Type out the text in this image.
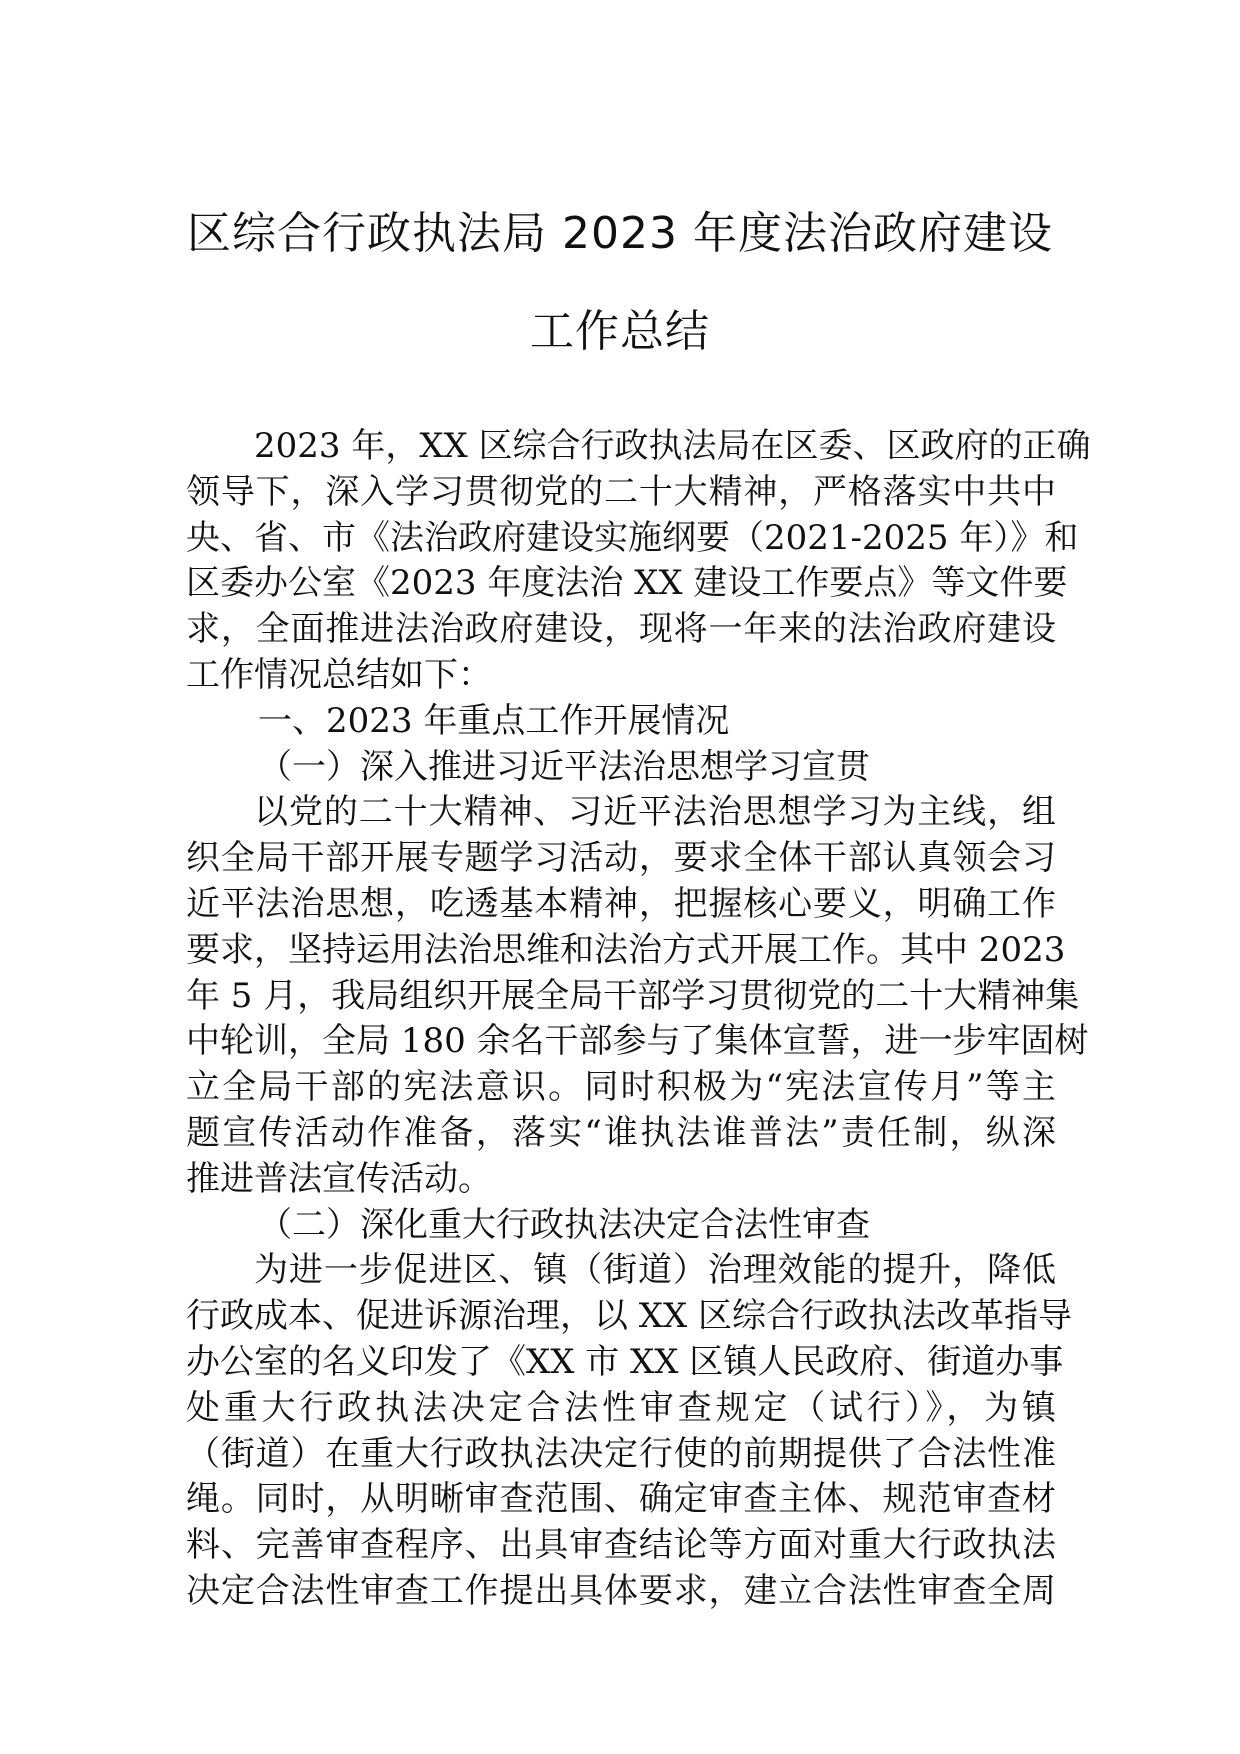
区综合行政执法局 2023 年度法治政府建设
工作总结
2023 年，XX 区综合行政执法局在区委、区政府的正确
领导下，深入学习贯彻党的二十大精神，严格落实中共中
央、省、市《法治政府建设实施纲要（2021-2025 年）》和
区委办公室《2023 年度法治 XX 建设工作要点》等文件要
求，全面推进法治政府建设，现将一年来的法治政府建设
工作情况总结如下：
一、2023 年重点工作开展情况
（一）深入推进习近平法治思想学习宣贯
以党的二十大精神、习近平法治思想学习为主线，组
织全局干部开展专题学习活动，要求全体干部认真领会习
近平法治思想，吃透基本精神，把握核心要义，明确工作
要求，坚持运用法治思维和法治方式开展工作。其中 2023
年 5 月，我局组织开展全局干部学习贯彻党的二十大精神集
中轮训，全局 180 余名干部参与了集体宣誓，进一步牢固树
立全局干部的宪法意识。同时积极为“宪法宣传月”等主
题宣传活动作准备，落实“谁执法谁普法”责任制，纵深
推进普法宣传活动。
（二）深化重大行政执法决定合法性审查
为进一步促进区、镇（街道）治理效能的提升，降低
行政成本、促进诉源治理，以 XX 区综合行政执法改革指导
办公室的名义印发了《XX 市 XX 区镇人民政府、街道办事
处重大行政执法决定合法性审查规定（试行）》，为镇
（街道）在重大行政执法决定行使的前期提供了合法性准
绳。同时，从明晰审查范围、确定审查主体、规范审查材
料、完善审查程序、出具审查结论等方面对重大行政执法
决定合法性审查工作提出具体要求，建立合法性审查全周
